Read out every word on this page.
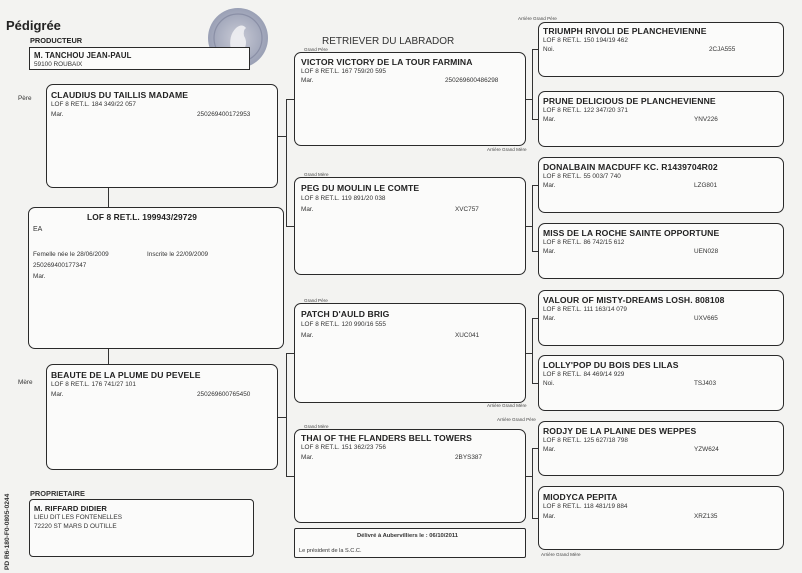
Pédigrée
RETRIEVER DU LABRADOR
PRODUCTEUR
M. TANCHOU JEAN-PAUL
59100 ROUBAIX
PD R6-180-F0-0805-0244
Père
Mère
CLAUDIUS DU TAILLIS MADAME
LOF 8 RET.L. 184 349/22 057
Mar.	250269400172953
LOF 8 RET.L. 199943/29729
EA
Femelle née le 28/06/2009	Inscrite le 22/09/2009
250269400177347
Mar.
BEAUTE DE LA PLUME DU PEVELE
LOF 8 RET.L. 176 741/27 101
Mar.	250269600765450
PROPRIETAIRE
M. RIFFARD DIDIER
LIEU DIT LES FONTENELLES
72220 ST MARS D OUTILLE
Grand Père
VICTOR VICTORY DE LA TOUR FARMINA
LOF 8 RET.L. 167 759/20 595
Mar.	250269600486298
Grand Mère
PEG DU MOULIN LE COMTE
LOF 8 RET.L. 119 891/20 038
Mar.	XVC757
Grand Père
PATCH D'AULD BRIG
LOF 8 RET.L. 120 990/16 555
Mar.	XUC041
Grand Mère
THAI OF THE FLANDERS BELL TOWERS
LOF 8 RET.L. 151 362/23 756
Mar.	2BYS387
Délivré à Aubervilliers le : 06/10/2011
Le président de la S.C.C.
Arrière Grand Père
TRIUMPH RIVOLI DE PLANCHEVIENNE
LOF 8 RET.L. 150 194/19 462
Noi.	2CJA555
PRUNE DELICIOUS DE PLANCHEVIENNE
LOF 8 RET.L. 122 347/20 371
Mar.	YNV226
Arrière Grand Mère
DONALBAIN MACDUFF KC. R1439704R02
LOF 8 RET.L. 55 003/7 740
Mar.	LZG801
MISS DE LA ROCHE SAINTE OPPORTUNE
LOF 8 RET.L. 86 742/15 612
Mar.	UEN028
VALOUR OF MISTY-DREAMS LOSH. 808108
LOF 8 RET.L. 111 163/14 079
Mar.	UXV665
LOLLY'POP DU BOIS DES LILAS
LOF 8 RET.L. 84 469/14 929
Noi.	TSJ403
Arrière Grand Mère
Arrière Grand Père
RODJY DE LA PLAINE DES WEPPES
LOF 8 RET.L. 125 627/18 798
Mar.	YZW624
MIODYCA PEPITA
LOF 8 RET.L. 118 481/19 884
Mar.	XRZ135
Arrière Grand Mère
